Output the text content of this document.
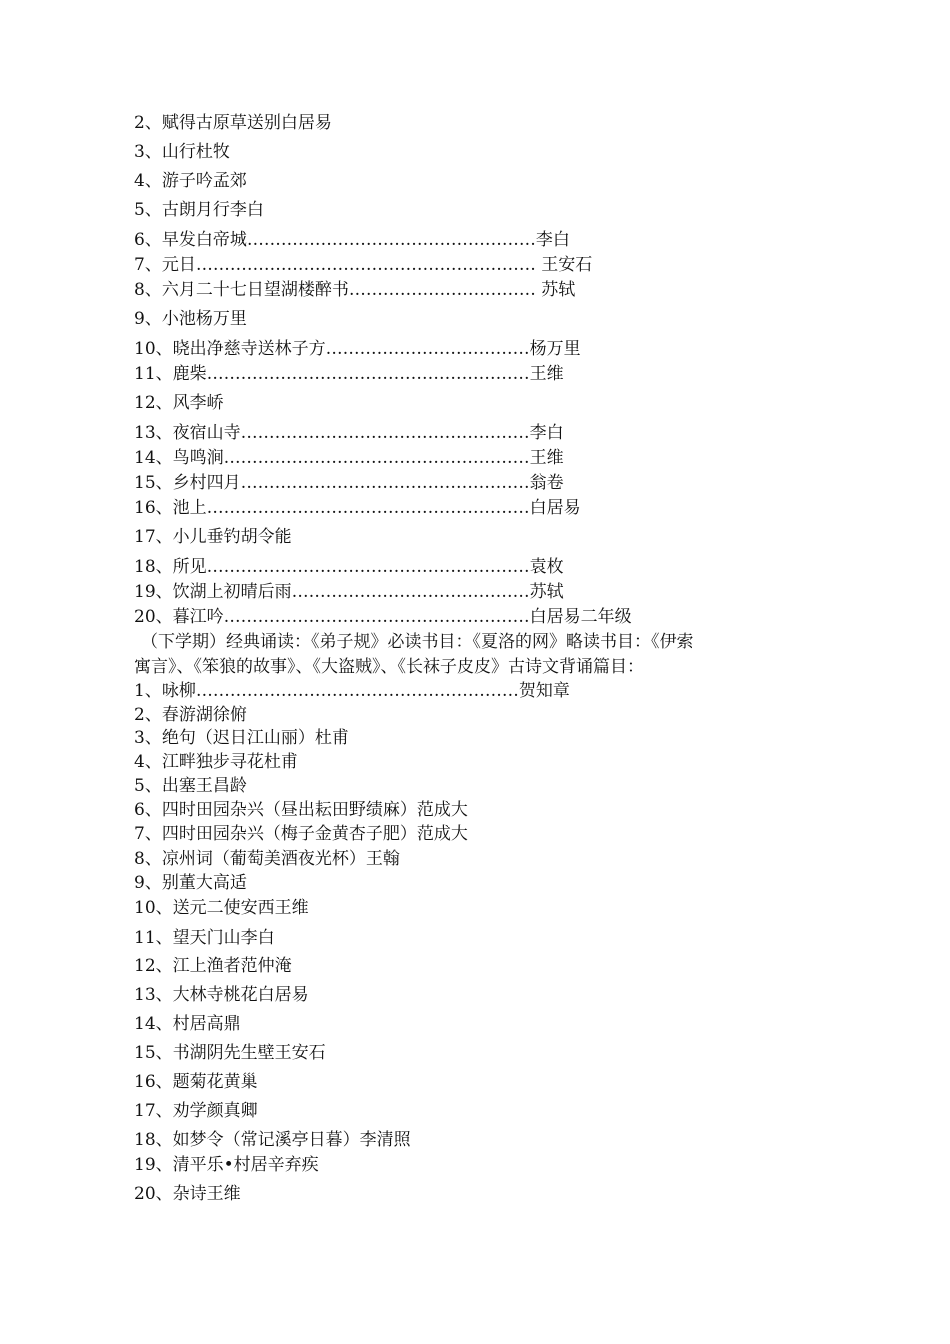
2、赋得古原草送别白居易
3、山行杜牧
4、游子吟孟郊
5、古朗月行李白
6、早发白帝城……………………………………………李白
7、元日…………………………………………………… 王安石
8、六月二十七日望湖楼醉书…………………………… 苏轼
9、小池杨万里
10、晓出净慈寺送林子方………………………………杨万里
11、鹿柴…………………………………………………王维
12、风李峤
13、夜宿山寺……………………………………………李白
14、鸟鸣涧………………………………………………王维
15、乡村四月……………………………………………翁卷
16、池上…………………………………………………白居易
17、小儿垂钓胡令能
18、所见…………………………………………………袁枚
19、饮湖上初晴后雨……………………………………苏轼
20、暮江吟………………………………………………白居易二年级
（下学期）经典诵读：《弟子规》必读书目：《夏洛的网》略读书目：《伊索
寓言》、《笨狼的故事》、《大盗贼》、《长袜子皮皮》古诗文背诵篇目：
1、咏柳…………………………………………………贺知章
2、春游湖徐俯
3、绝句（迟日江山丽）杜甫
4、江畔独步寻花杜甫
5、出塞王昌龄
6、四时田园杂兴（昼出耘田野绩麻）范成大
7、四时田园杂兴（梅子金黄杏子肥）范成大
8、凉州词（葡萄美酒夜光杯）王翰
9、别董大高适
10、送元二使安西王维
11、望天门山李白
12、江上渔者范仲淹
13、大林寺桃花白居易
14、村居高鼎
15、书湖阴先生壁王安石
16、题菊花黄巢
17、劝学颜真卿
18、如梦令（常记溪亭日暮）李清照
19、清平乐•村居辛弃疾
20、杂诗王维
